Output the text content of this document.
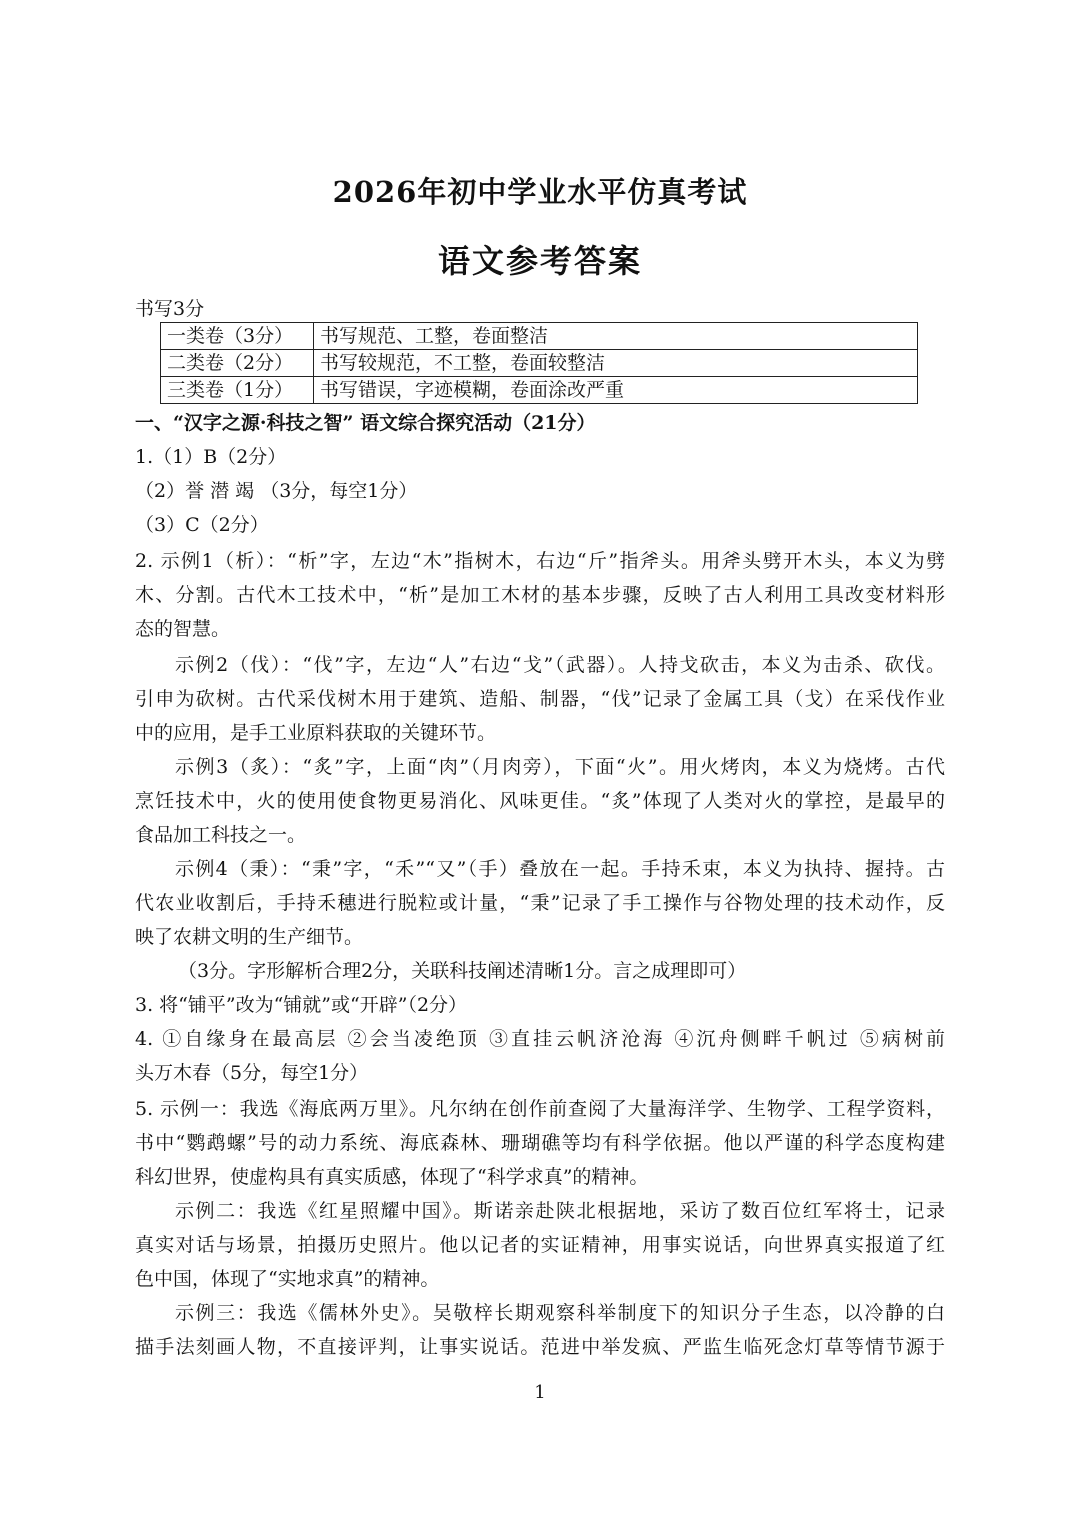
2026年初中学业水平仿真考试
语文参考答案
书写3分
一类卷（3分）	书写规范、工整，卷面整洁
二类卷（2分）	书写较规范，不工整，卷面较整洁
三类卷（1分）	书写错误，字迹模糊，卷面涂改严重
一、“汉字之源·科技之智” 语文综合探究活动（21分）
1.（1）B（2分）
（2）誉 潜 竭 （3分，每空1分）
（3）C（2分）
2. 示例1（析）：“析”字，左边“木”指树木，右边“斤”指斧头。用斧头劈开木头，本义为劈
木、分割。古代木工技术中，“析”是加工木材的基本步骤，反映了古人利用工具改变材料形
态的智慧。
示例2（伐）：“伐”字，左边“人”右边“戈”（武器）。人持戈砍击，本义为击杀、砍伐。
引申为砍树。古代采伐树木用于建筑、造船、制器，“伐”记录了金属工具（戈）在采伐作业
中的应用，是手工业原料获取的关键环节。
示例3（炙）：“炙”字，上面“肉”（月肉旁），下面“火”。用火烤肉，本义为烧烤。古代
烹饪技术中，火的使用使食物更易消化、风味更佳。“炙”体现了人类对火的掌控，是最早的
食品加工科技之一。
示例4（秉）：“秉”字，“禾”“又”（手）叠放在一起。手持禾束，本义为执持、握持。古
代农业收割后，手持禾穗进行脱粒或计量，“秉”记录了手工操作与谷物处理的技术动作，反
映了农耕文明的生产细节。
（3分。字形解析合理2分，关联科技阐述清晰1分。言之成理即可）
3. 将“铺平”改为“铺就”或“开辟”（2分）
4. ①自缘身在最高层 ②会当凌绝顶 ③直挂云帆济沧海 ④沉舟侧畔千帆过 ⑤病树前
头万木春（5分，每空1分）
5. 示例一：我选《海底两万里》。凡尔纳在创作前查阅了大量海洋学、生物学、工程学资料，
书中“鹦鹉螺”号的动力系统、海底森林、珊瑚礁等均有科学依据。他以严谨的科学态度构建
科幻世界，使虚构具有真实质感，体现了“科学求真”的精神。
示例二：我选《红星照耀中国》。斯诺亲赴陕北根据地，采访了数百位红军将士，记录
真实对话与场景，拍摄历史照片。他以记者的实证精神，用事实说话，向世界真实报道了红
色中国，体现了“实地求真”的精神。
示例三：我选《儒林外史》。吴敬梓长期观察科举制度下的知识分子生态，以冷静的白
描手法刻画人物，不直接评判，让事实说话。范进中举发疯、严监生临死念灯草等情节源于
1
